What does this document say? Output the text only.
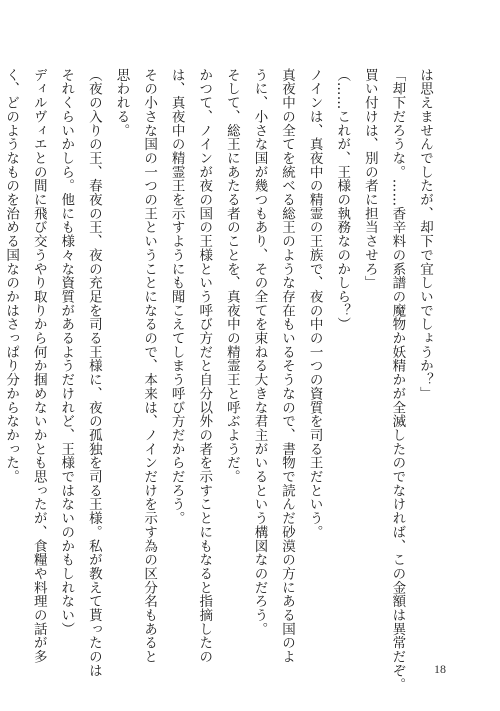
は思えませんでしたが、却下で宜しいでしょうか？」
「却下だろうな。……香辛料の系譜の魔物か妖精かが全滅したのでなければ、この金額は異常だぞ。
買い付けは、別の者に担当させろ」
（……これが、王様の執務なのかしら？）
ノインは、真夜中の精霊の王族で、夜の中の一つの資質を司る王だという。
真夜中の全てを統べる総王のような存在もいるそうなので、書物で読んだ砂漠の方にある国のよ
うに、小さな国が幾つもあり、その全てを束ねる大きな君主がいるという構図なのだろう。
そして、総王にあたる者のことを、真夜中の精霊王と呼ぶようだ。
かつて、ノインが夜の国の王様という呼び方だと自分以外の者を示すことにもなると指摘したの
は、真夜中の精霊王を示すようにも聞こえてしまう呼び方だからだろう。
その小さな国の一つの王ということになるので、本来は、ノインだけを示す為の区分名もあると
思われる。
（夜の入りの王、春夜の王、夜の充足を司る王様に、夜の孤独を司る王様。私が教えて貰ったのは
それくらいかしら。他にも様々な資質があるようだけれど、王様ではないのかもしれない）
ディルヴィエとの間に飛び交うやり取りから何か掴めないかとも思ったが、食糧や料理の話が多
く、どのようなものを治める国なのかはさっぱり分からなかった。
18
